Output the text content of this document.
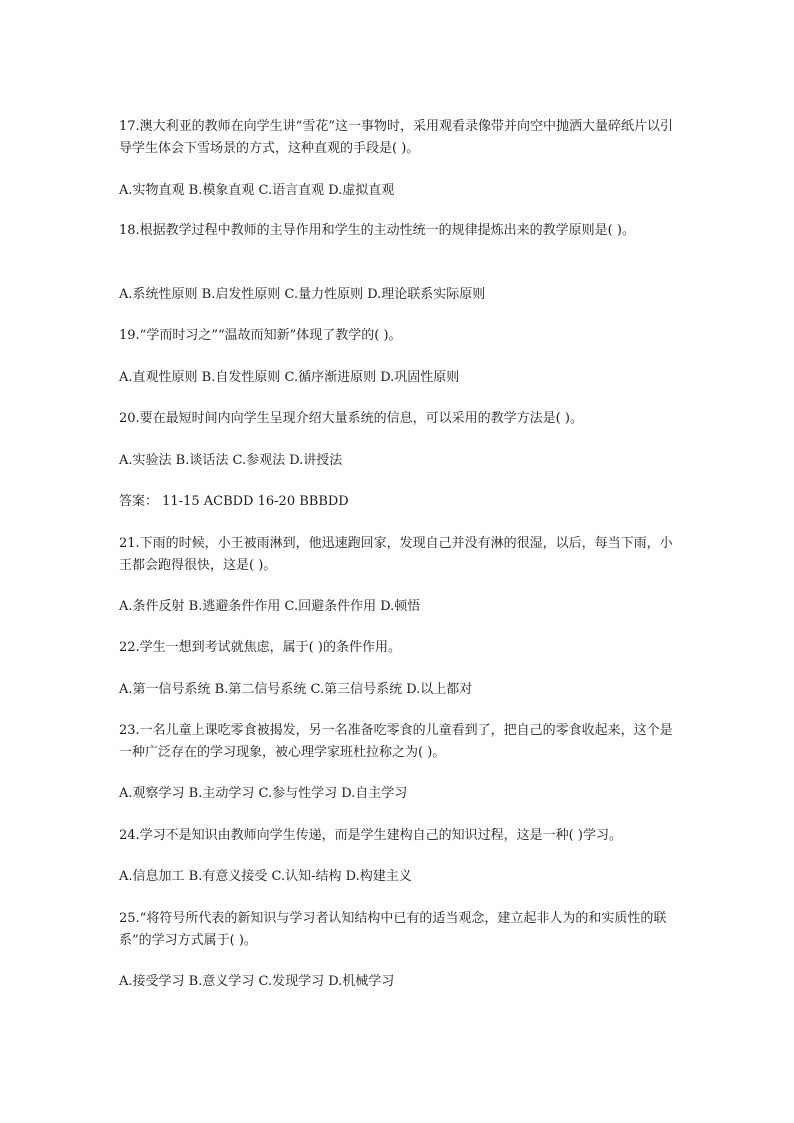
17.澳大利亚的教师在向学生讲“雪花”这一事物时，采用观看录像带并向空中抛洒大量碎纸片以引导学生体会下雪场景的方式，这种直观的手段是( )。
A.实物直观 B.模象直观 C.语言直观 D.虚拟直观
18.根据教学过程中教师的主导作用和学生的主动性统一的规律提炼出来的教学原则是( )。
A.系统性原则 B.启发性原则 C.量力性原则 D.理论联系实际原则
19.“学而时习之”“温故而知新”体现了教学的( )。
A.直观性原则 B.自发性原则 C.循序渐进原则 D.巩固性原则
20.要在最短时间内向学生呈现介绍大量系统的信息，可以采用的教学方法是( )。
A.实验法 B.谈话法 C.参观法 D.讲授法
答案： 11-15 ACBDD 16-20 BBBDD
21.下雨的时候，小王被雨淋到，他迅速跑回家，发现自己并没有淋的很湿，以后，每当下雨，小王都会跑得很快，这是( )。
A.条件反射 B.逃避条件作用 C.回避条件作用 D.顿悟
22.学生一想到考试就焦虑，属于( )的条件作用。
A.第一信号系统 B.第二信号系统 C.第三信号系统 D.以上都对
23.一名儿童上课吃零食被揭发，另一名准备吃零食的儿童看到了，把自己的零食收起来，这个是一种广泛存在的学习现象，被心理学家班杜拉称之为( )。
A.观察学习 B.主动学习 C.参与性学习 D.自主学习
24.学习不是知识由教师向学生传递，而是学生建构自己的知识过程，这是一种( )学习。
A.信息加工 B.有意义接受 C.认知-结构 D.构建主义
25.“将符号所代表的新知识与学习者认知结构中已有的适当观念，建立起非人为的和实质性的联系”的学习方式属于( )。
A.接受学习 B.意义学习 C.发现学习 D.机械学习
